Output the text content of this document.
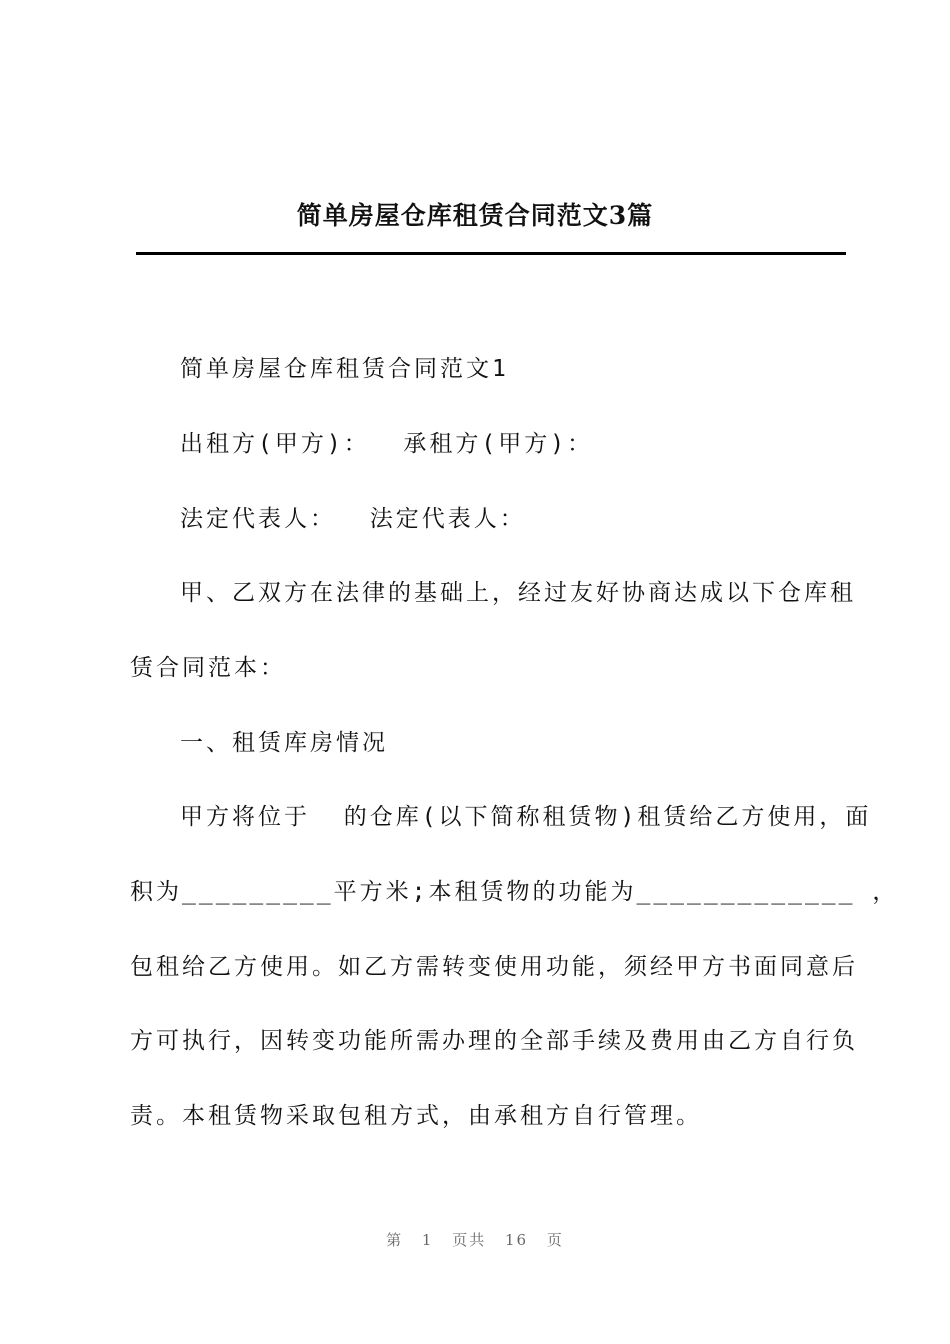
简单房屋仓库租赁合同范文3篇
简单房屋仓库租赁合同范文1
出租方(甲方)：  承租方(甲方)：
法定代表人：  法定代表人：
甲、乙双方在法律的基础上，经过友好协商达成以下仓库租
赁合同范本：
一、租赁库房情况
甲方将位于  的仓库(以下简称租赁物)租赁给乙方使用，面
积为_________平方米;本租赁物的功能为_____________ ，
包租给乙方使用。如乙方需转变使用功能，须经甲方书面同意后
方可执行，因转变功能所需办理的全部手续及费用由乙方自行负
责。本租赁物采取包租方式，由承租方自行管理。
第 1 页共 16 页
